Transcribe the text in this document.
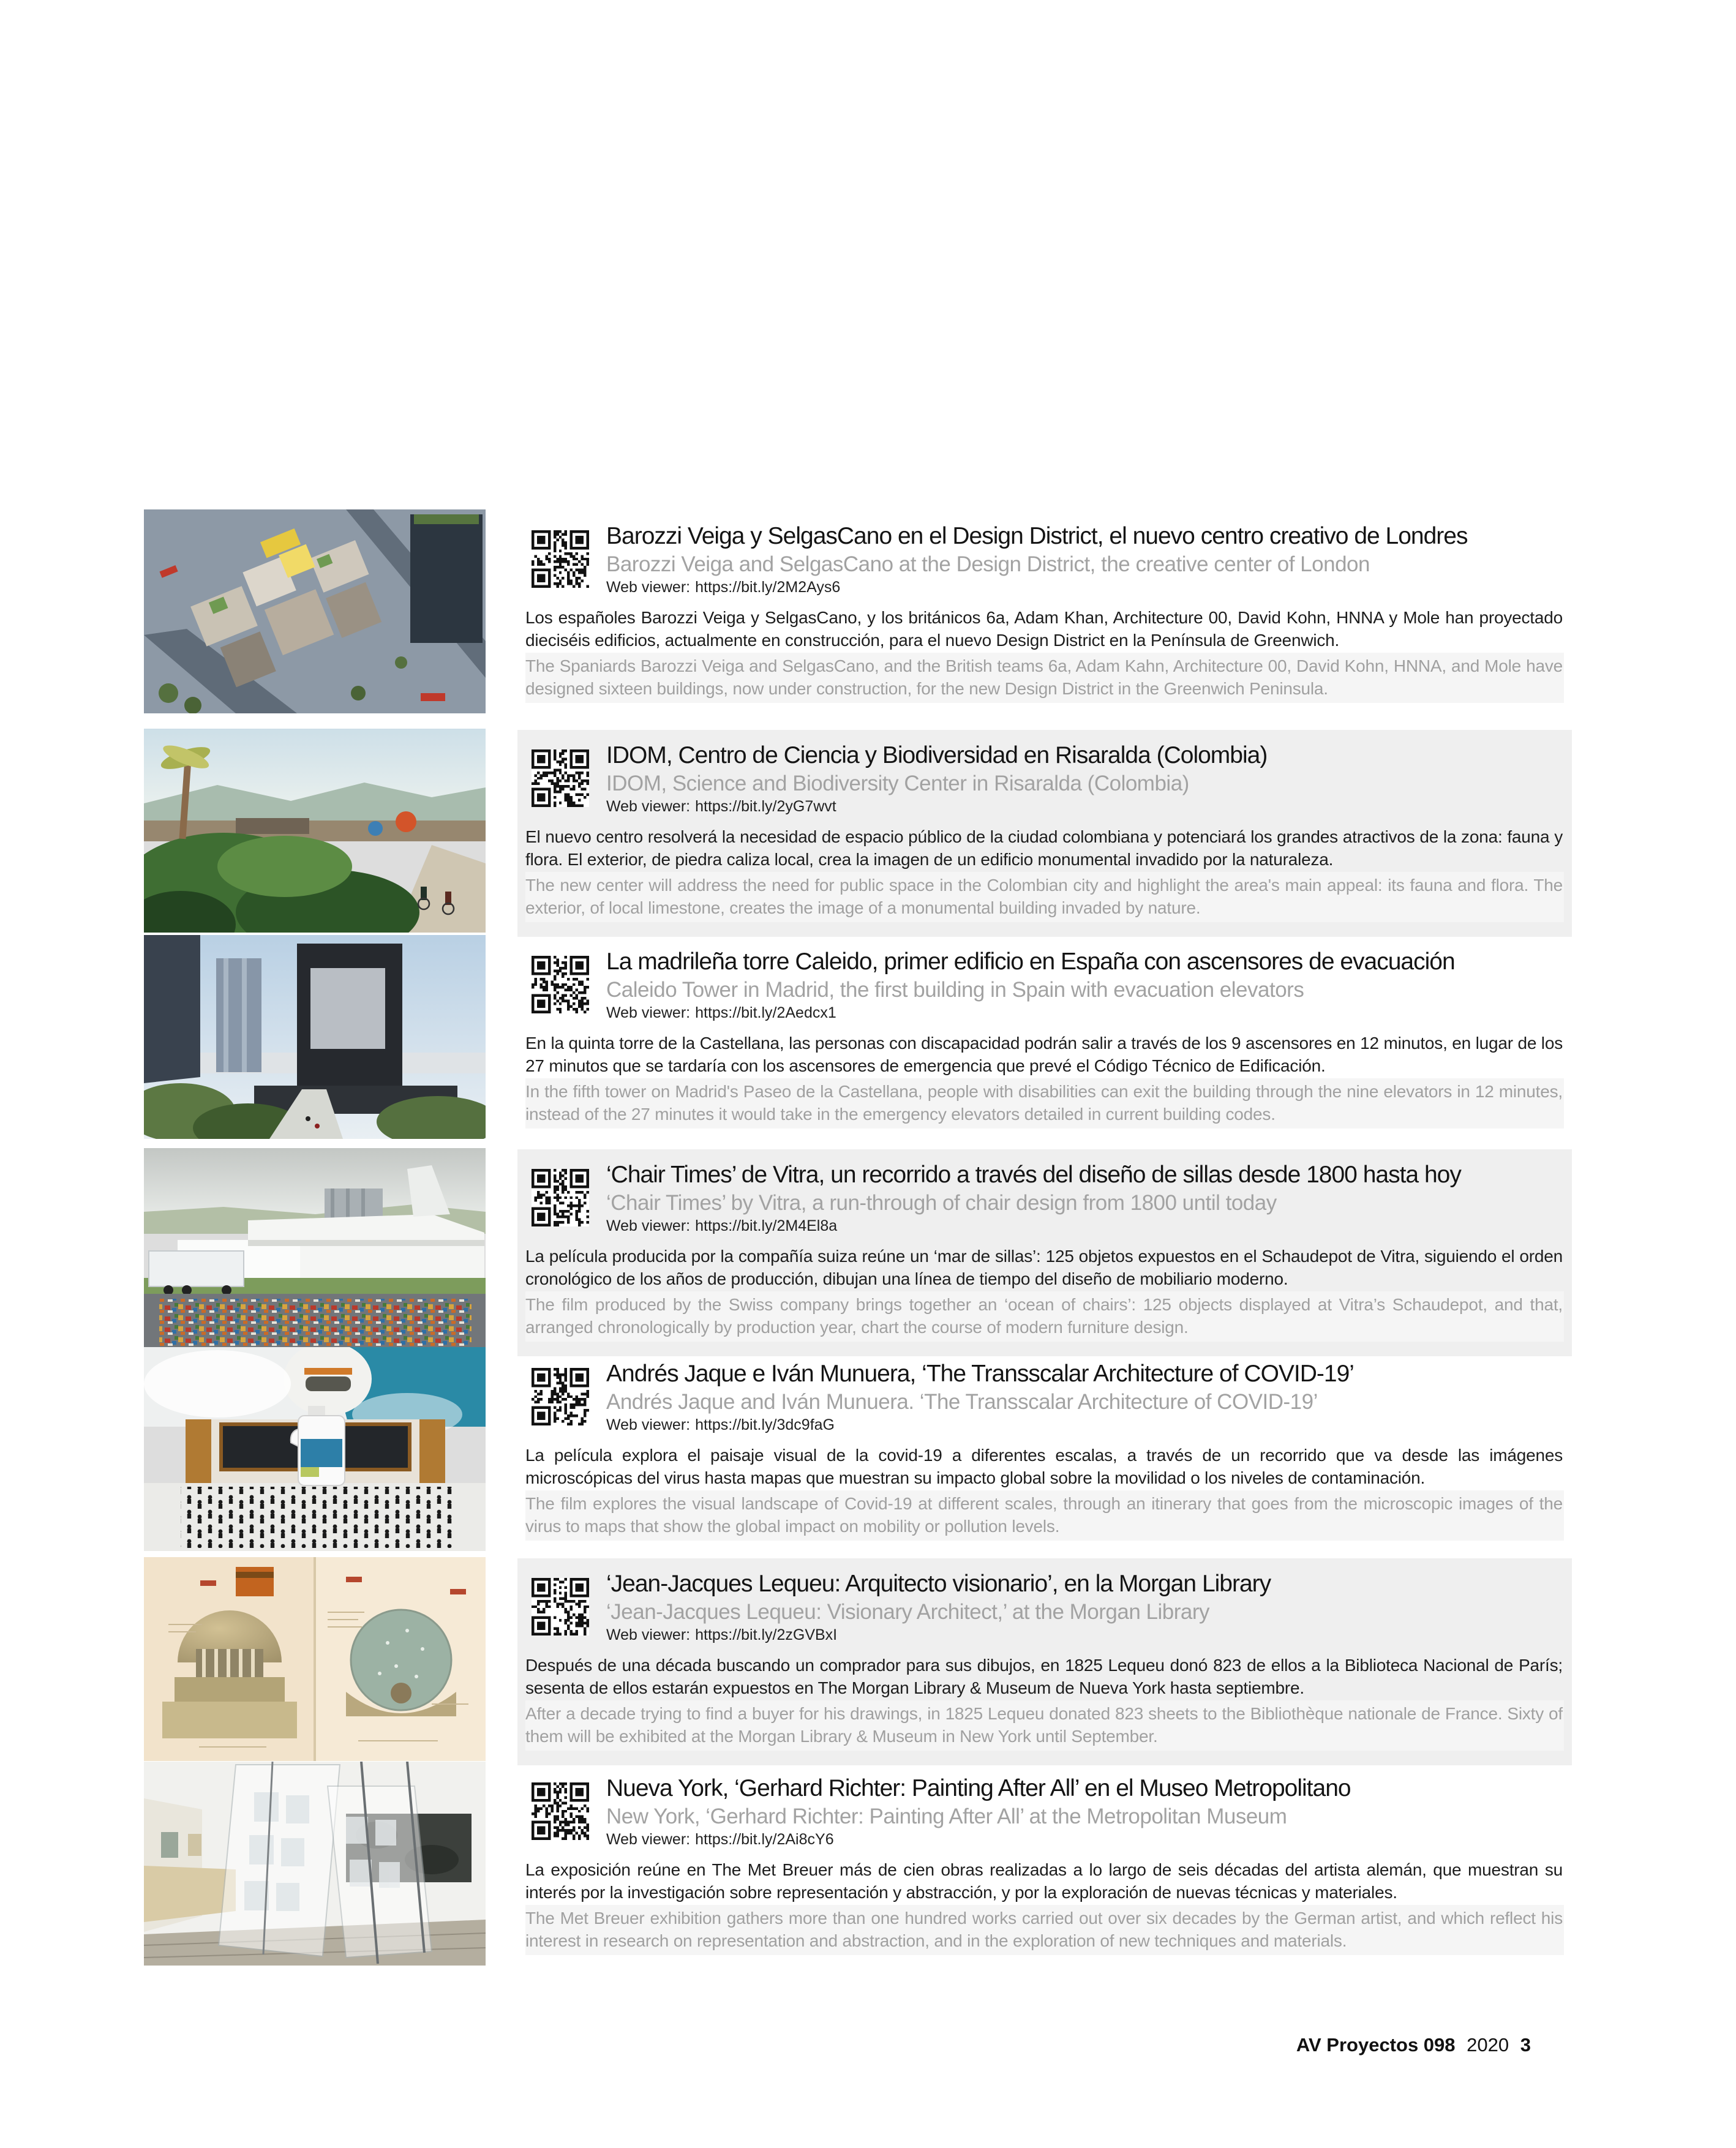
Barozzi Veiga y SelgasCano en el Design District, el nuevo centro creativo de Londres
Barozzi Veiga and SelgasCano at the Design District, the creative center of London

Web viewer: https://bit.ly/2M2Ays6

Los españoles Barozzi Veiga y SelgasCano, y los británicos 6a, Adam Khan, Architecture 00, David Kohn, HNNA y Mole han proyectado dieciséis edificios, actualmente en construcción, para el nuevo Design District en la Península de Greenwich.

The Spaniards Barozzi Veiga and SelgasCano, and the British teams 6a, Adam Kahn, Architecture 00, David Kohn, HNNA, and Mole have designed sixteen buildings, now under construction, for the new Design District in the Greenwich Peninsula.

IDOM, Centro de Ciencia y Biodiversidad en Risaralda (Colombia)
IDOM, Science and Biodiversity Center in Risaralda (Colombia)

Web viewer: https://bit.ly/2yG7wvt

El nuevo centro resolverá la necesidad de espacio público de la ciudad colombiana y potenciará los grandes atractivos de la zona: fauna y flora. El exterior, de piedra caliza local, crea la imagen de un edificio monumental invadido por la naturaleza.

The new center will address the need for public space in the Colombian city and highlight the area's main appeal: its fauna and flora. The exterior, of local limestone, creates the image of a monumental building invaded by nature.

La madrileña torre Caleido, primer edificio en España con ascensores de evacuación
Caleido Tower in Madrid, the first building in Spain with evacuation elevators

Web viewer: https://bit.ly/2Aedcx1

En la quinta torre de la Castellana, las personas con discapacidad podrán salir a través de los 9 ascensores en 12 minutos, en lugar de los 27 minutos que se tardaría con los ascensores de emergencia que prevé el Código Técnico de Edificación.

In the fifth tower on Madrid's Paseo de la Castellana, people with disabilities can exit the building through the nine elevators in 12 minutes, instead of the 27 minutes it would take in the emergency elevators detailed in current building codes.

‘Chair Times’ de Vitra, un recorrido a través del diseño de sillas desde 1800 hasta hoy
‘Chair Times’ by Vitra, a run-through of chair design from 1800 until today

Web viewer: https://bit.ly/2M4El8a

La película producida por la compañía suiza reúne un ‘mar de sillas’: 125 objetos expuestos en el Schaudepot de Vitra, siguiendo el orden cronológico de los años de producción, dibujan una línea de tiempo del diseño de mobiliario moderno.

The film produced by the Swiss company brings together an ‘ocean of chairs’: 125 objects displayed at Vitra’s Schaudepot, and that, arranged chronologically by production year, chart the course of modern furniture design.

Andrés Jaque e Iván Munuera, ‘The Transscalar Architecture of COVID-19’
Andrés Jaque and Iván Munuera. ‘The Transscalar Architecture of COVID-19’

Web viewer: https://bit.ly/3dc9faG

La película explora el paisaje visual de la covid-19 a diferentes escalas, a través de un recorrido que va desde las imágenes microscópicas del virus hasta mapas que muestran su impacto global sobre la movilidad o los niveles de contaminación.

The film explores the visual landscape of Covid-19 at different scales, through an itinerary that goes from the microscopic images of the virus to maps that show the global impact on mobility or pollution levels.

‘Jean-Jacques Lequeu: Arquitecto visionario’, en la Morgan Library
‘Jean-Jacques Lequeu: Visionary Architect,’ at the Morgan Library

Web viewer: https://bit.ly/2zGVBxI

Después de una década buscando un comprador para sus dibujos, en 1825 Lequeu donó 823 de ellos a la Biblioteca Nacional de París; sesenta de ellos estarán expuestos en The Morgan Library & Museum de Nueva York hasta septiembre.

After a decade trying to find a buyer for his drawings, in 1825 Lequeu donated 823 sheets to the Bibliothèque nationale de France. Sixty of them will be exhibited at the Morgan Library & Museum in New York until September.

Nueva York, ‘Gerhard Richter: Painting After All’ en el Museo Metropolitano
New York, ‘Gerhard Richter: Painting After All’ at the Metropolitan Museum

Web viewer: https://bit.ly/2Ai8cY6

La exposición reúne en The Met Breuer más de cien obras realizadas a lo largo de seis décadas del artista alemán, que muestran su interés por la investigación sobre representación y abstracción, y por la exploración de nuevas técnicas y materiales.

The Met Breuer exhibition gathers more than one hundred works carried out over six decades by the German artist, and which reflect his interest in research on representation and abstraction, and in the exploration of new techniques and materials.

AV Proyectos 098 2020 3
